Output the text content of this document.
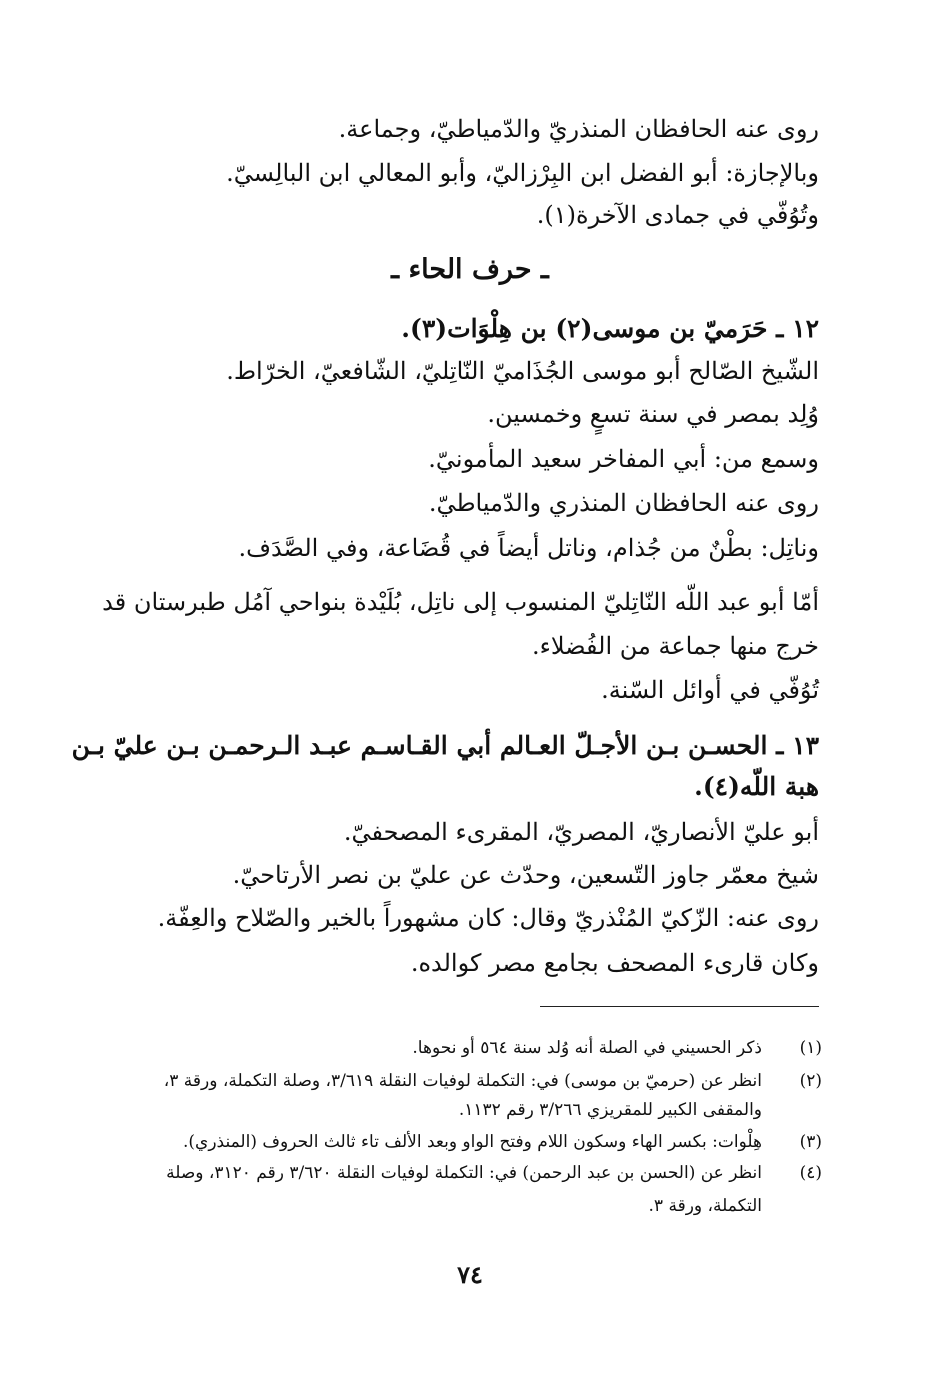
روى عنه الحافظان المنذريّ والدّمياطيّ، وجماعة.
وبالإجازة: أبو الفضل ابن البِرْزاليّ، وأبو المعالي ابن البالِسيّ.
وتُوُفّي في جمادى الآخرة(١).
ـ حرف الحاء ـ
١٢ ـ حَرَميّ بن موسى(٢) بن هِلْوَات(٣).
الشّيخ الصّالح أبو موسى الجُذَاميّ النّاتِليّ، الشّافعيّ، الخرّاط.
وُلِد بمصر في سنة تسعٍ وخمسين.
وسمع من: أبي المفاخر سعيد المأمونيّ.
روى عنه الحافظان المنذري والدّمياطيّ.
وناتِل: بطْنٌ من جُذام، وناتل أيضاً في قُضَاعة، وفي الصَّدَف.
أمّا أبو عبد اللّه النّاتِليّ المنسوب إلى ناتِل، بُلَيْدة بنواحي آمُل طبرستان قد
خرج منها جماعة من الفُضلاء.
تُوُفّي في أوائل السّنة.
١٣ ـ الحسـن بـن الأجـلّ العـالم أبي القـاسـم عبـد الـرحمـن بـن عليّ بـن
هبة اللّه(٤).
أبو عليّ الأنصاريّ، المصريّ، المقرىء المصحفيّ.
شيخ معمّر جاوز التّسعين، وحدّث عن عليّ بن نصر الأرتاحيّ.
روى عنه: الزّكيّ المُنْذريّ وقال: كان مشهوراً بالخير والصّلاح والعِفّة.
وكان قارىء المصحف بجامع مصر كوالده.
(١)
ذكر الحسيني في الصلة أنه وُلد سنة ٥٦٤ أو نحوها.
(٢)
انظر عن (حرميّ بن موسى) في: التكملة لوفيات النقلة ٣/٦١٩، وصلة التكملة، ورقة ٣،
والمقفى الكبير للمقريزي ٣/٢٦٦ رقم ١١٣٢.
(٣)
هِلْوات: بكسر الهاء وسكون اللام وفتح الواو وبعد الألف تاء ثالث الحروف (المنذري).
(٤)
انظر عن (الحسن بن عبد الرحمن) في: التكملة لوفيات النقلة ٣/٦٢٠ رقم ٣١٢٠، وصلة
التكملة، ورقة ٣.
٧٤
